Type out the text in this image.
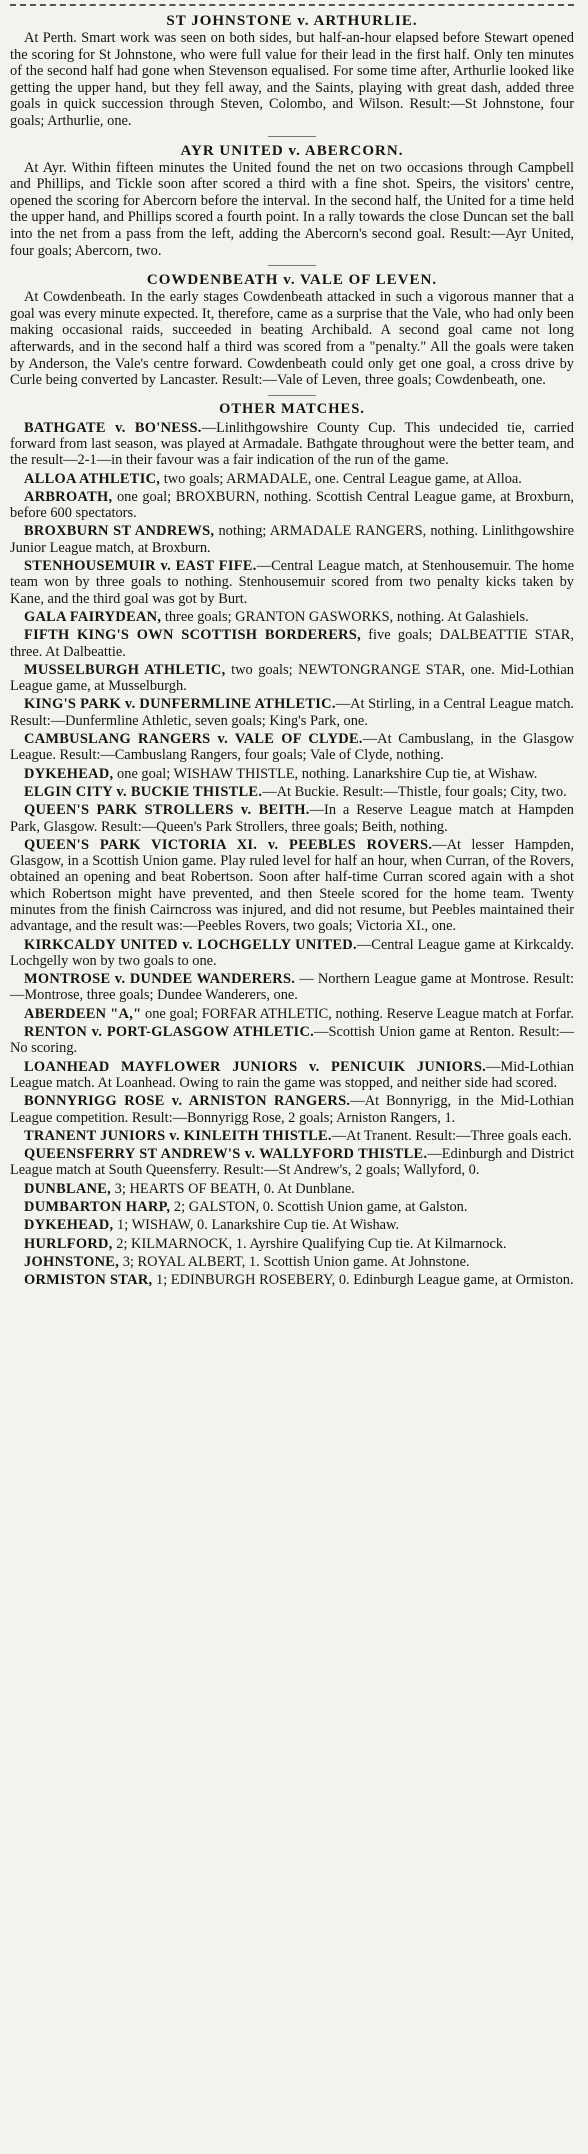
ST JOHNSTONE v. ARTHURLIE.

At Perth. Smart work was seen on both sides, but half-an-hour elapsed before Stewart opened the scoring for St Johnstone, who were full value for their lead in the first half. Only ten minutes of the second half had gone when Stevenson equalised. For some time after, Arthurlie looked like getting the upper hand, but they fell away, and the Saints, playing with great dash, added three goals in quick succession through Steven, Colombo, and Wilson. Result:—St Johnstone, four goals; Arthurlie, one.

AYR UNITED v. ABERCORN.

At Ayr. Within fifteen minutes the United found the net on two occasions through Campbell and Phillips, and Tickle soon after scored a third with a fine shot. Speirs, the visitors' centre, opened the scoring for Abercorn before the interval. In the second half, the United for a time held the upper hand, and Phillips scored a fourth point. In a rally towards the close Duncan set the ball into the net from a pass from the left, adding the Abercorn's second goal. Result:—Ayr United, four goals; Abercorn, two.

COWDENBEATH v. VALE OF LEVEN.

At Cowdenbeath. In the early stages Cowdenbeath attacked in such a vigorous manner that a goal was every minute expected. It, therefore, came as a surprise that the Vale, who had only been making occasional raids, succeeded in beating Archibald. A second goal came not long afterwards, and in the second half a third was scored from a "penalty." All the goals were taken by Anderson, the Vale's centre forward. Cowdenbeath could only get one goal, a cross drive by Curle being converted by Lancaster. Result:—Vale of Leven, three goals; Cowdenbeath, one.

OTHER MATCHES.

BATHGATE v. BO'NESS.—Linlithgowshire County Cup. This undecided tie, carried forward from last season, was played at Armadale. Bathgate throughout were the better team, and the result—2-1—in their favour was a fair indication of the run of the game.

ALLOA ATHLETIC, two goals; ARMADALE, one. Central League game, at Alloa.

ARBROATH, one goal; BROXBURN, nothing. Scottish Central League game, at Broxburn, before 600 spectators.

BROXBURN ST ANDREWS, nothing; ARMADALE RANGERS, nothing. Linlithgowshire Junior League match, at Broxburn.

STENHOUSEMUIR v. EAST FIFE.—Central League match, at Stenhousemuir. The home team won by three goals to nothing. Stenhousemuir scored from two penalty kicks taken by Kane, and the third goal was got by Burt.

GALA FAIRYDEAN, three goals; GRANTON GASWORKS, nothing. At Galashiels.

FIFTH KING'S OWN SCOTTISH BORDERERS, five goals; DALBEATTIE STAR, three. At Dalbeattie.

MUSSELBURGH ATHLETIC, two goals; NEWTONGRANGE STAR, one. Mid-Lothian League game, at Musselburgh.

KING'S PARK v. DUNFERMLINE ATHLETIC.—At Stirling, in a Central League match. Result:—Dunfermline Athletic, seven goals; King's Park, one.

CAMBUSLANG RANGERS v. VALE OF CLYDE.—At Cambuslang, in the Glasgow League. Result:—Cambuslang Rangers, four goals; Vale of Clyde, nothing.

DYKEHEAD, one goal; WISHAW THISTLE, nothing. Lanarkshire Cup tie, at Wishaw.

ELGIN CITY v. BUCKIE THISTLE.—At Buckie. Result:—Thistle, four goals; City, two.

QUEEN'S PARK STROLLERS v. BEITH.—In a Reserve League match at Hampden Park, Glasgow. Result:—Queen's Park Strollers, three goals; Beith, nothing.

QUEEN'S PARK VICTORIA XI. v. PEEBLES ROVERS.—At lesser Hampden, Glasgow, in a Scottish Union game. Play ruled level for half an hour, when Curran, of the Rovers, obtained an opening and beat Robertson. Soon after half-time Curran scored again with a shot which Robertson might have prevented, and then Steele scored for the home team. Twenty minutes from the finish Cairncross was injured, and did not resume, but Peebles maintained their advantage, and the result was:—Peebles Rovers, two goals; Victoria XI., one.

KIRKCALDY UNITED v. LOCHGELLY UNITED.—Central League game at Kirkcaldy. Lochgelly won by two goals to one.

MONTROSE v. DUNDEE WANDERERS. — Northern League game at Montrose. Result:—Montrose, three goals; Dundee Wanderers, one.

ABERDEEN "A," one goal; FORFAR ATHLETIC, nothing. Reserve League match at Forfar.

RENTON v. PORT-GLASGOW ATHLETIC.—Scottish Union game at Renton. Result:—No scoring.

LOANHEAD MAYFLOWER JUNIORS v. PENICUIK JUNIORS.—Mid-Lothian League match. At Loanhead. Owing to rain the game was stopped, and neither side had scored.

BONNYRIGG ROSE v. ARNISTON RANGERS.—At Bonnyrigg, in the Mid-Lothian League competition. Result:—Bonnyrigg Rose, 2 goals; Arniston Rangers, 1.

TRANENT JUNIORS v. KINLEITH THISTLE.—At Tranent. Result:—Three goals each.

QUEENSFERRY ST ANDREW'S v. WALLYFORD THISTLE.—Edinburgh and District League match at South Queensferry. Result:—St Andrew's, 2 goals; Wallyford, 0.

DUNBLANE, 3; HEARTS OF BEATH, 0. At Dunblane.

DUMBARTON HARP, 2; GALSTON, 0. Scottish Union game, at Galston.

DYKEHEAD, 1; WISHAW, 0. Lanarkshire Cup tie. At Wishaw.

HURLFORD, 2; KILMARNOCK, 1. Ayrshire Qualifying Cup tie. At Kilmarnock.

JOHNSTONE, 3; ROYAL ALBERT, 1. Scottish Union game. At Johnstone.

ORMISTON STAR, 1; EDINBURGH ROSEBERY, 0. Edinburgh League game, at Ormiston.
